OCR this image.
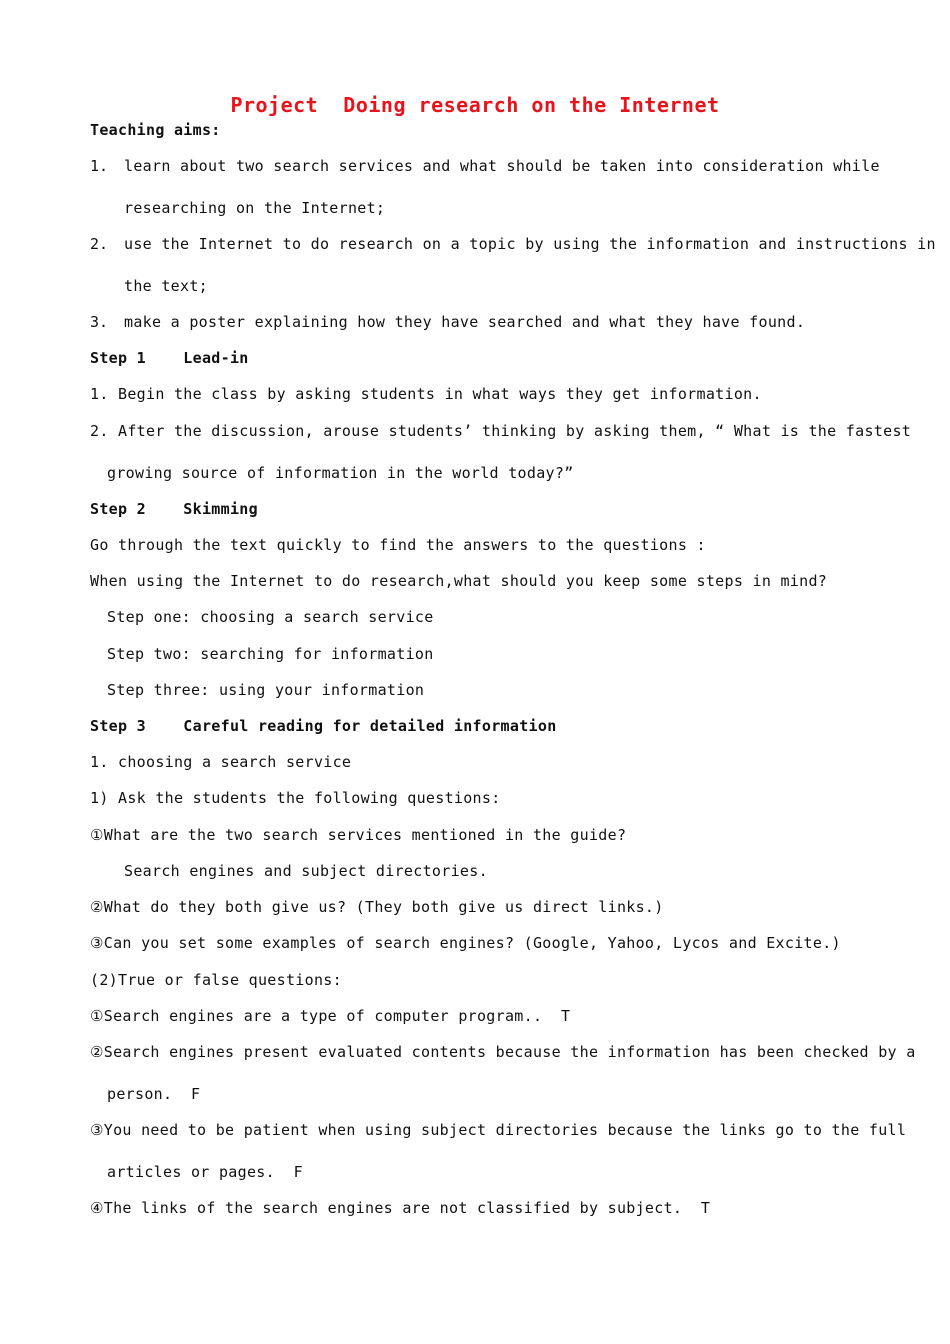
Project  Doing research on the Internet
Teaching aims:
1. learn about two search services and what should be taken into consideration while
researching on the Internet;
2. use the Internet to do research on a topic by using the information and instructions in
the text;
3. make a poster explaining how they have searched and what they have found.
Step 1    Lead-in
1. Begin the class by asking students in what ways they get information.
2. After the discussion, arouse students’ thinking by asking them, “ What is the fastest
growing source of information in the world today?”
Step 2    Skimming
Go through the text quickly to find the answers to the questions :
When using the Internet to do research,what should you keep some steps in mind?
Step one: choosing a search service
Step two: searching for information
Step three: using your information
Step 3    Careful reading for detailed information
1. choosing a search service
1) Ask the students the following questions:
①What are the two search services mentioned in the guide?
Search engines and subject directories.
②What do they both give us? (They both give us direct links.)
③Can you set some examples of search engines? (Google, Yahoo, Lycos and Excite.)
(2)True or false questions:
①Search engines are a type of computer program..  T
②Search engines present evaluated contents because the information has been checked by a
person.  F
③You need to be patient when using subject directories because the links go to the full
articles or pages.  F
④The links of the search engines are not classified by subject.  T
